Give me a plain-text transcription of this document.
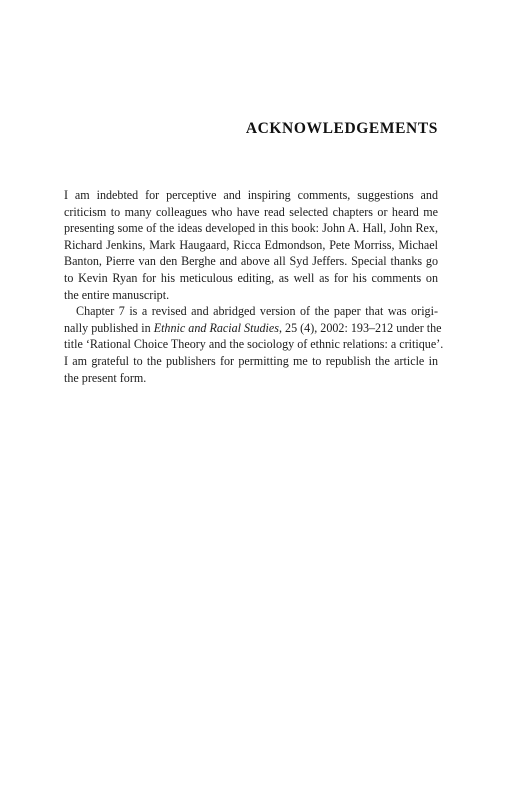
ACKNOWLEDGEMENTS

I am indebted for perceptive and inspiring comments, suggestions and
criticism to many colleagues who have read selected chapters or heard me
presenting some of the ideas developed in this book: John A. Hall, John Rex,
Richard Jenkins, Mark Haugaard, Ricca Edmondson, Pete Morriss, Michael
Banton, Pierre van den Berghe and above all Syd Jeffers. Special thanks go
to Kevin Ryan for his meticulous editing, as well as for his comments on
the entire manuscript.

Chapter 7 is a revised and abridged version of the paper that was origi-
nally published in Ethnic and Racial Studies, 25 (4), 2002: 193–212 under the
title ‘Rational Choice Theory and the sociology of ethnic relations: a critique’.
I am grateful to the publishers for permitting me to republish the article in
the present form.
